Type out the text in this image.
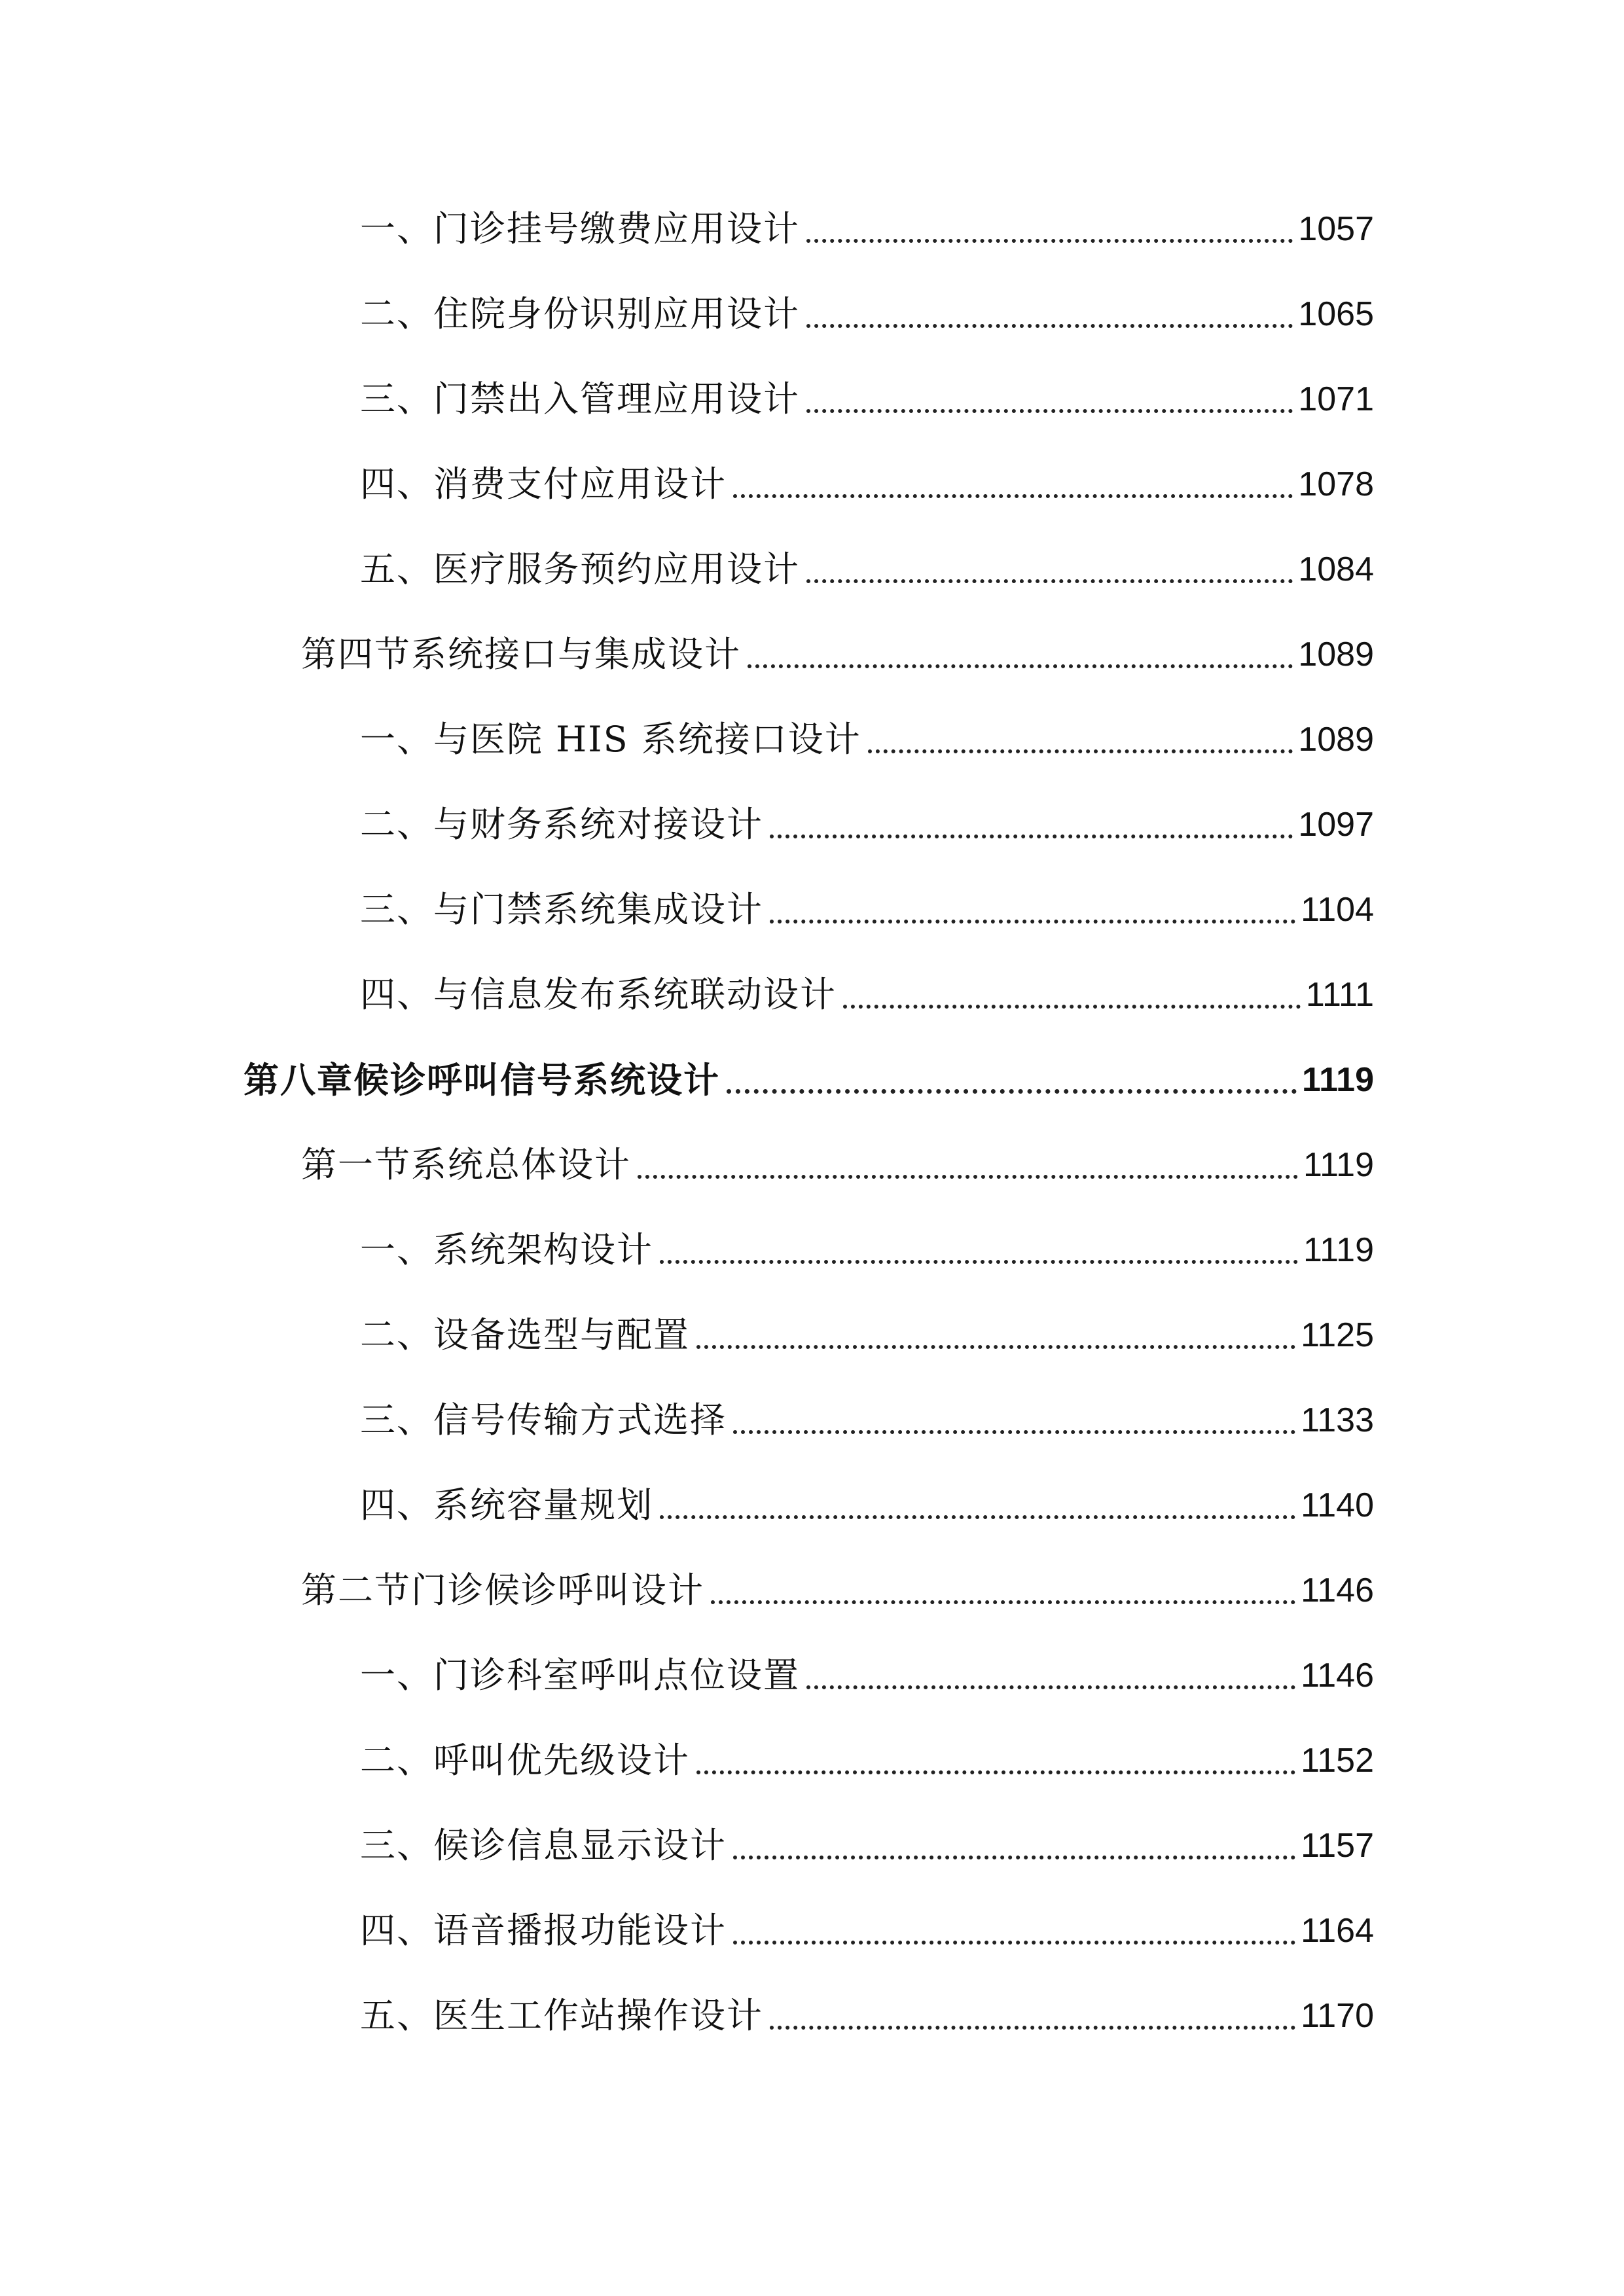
一、门诊挂号缴费应用设计	1057
二、住院身份识别应用设计	1065
三、门禁出入管理应用设计	1071
四、消费支付应用设计	1078
五、医疗服务预约应用设计	1084
第四节系统接口与集成设计	1089
一、与医院 HIS 系统接口设计	1089
二、与财务系统对接设计	1097
三、与门禁系统集成设计	1104
四、与信息发布系统联动设计	1111
第八章候诊呼叫信号系统设计	1119
第一节系统总体设计	1119
一、系统架构设计	1119
二、设备选型与配置	1125
三、信号传输方式选择	1133
四、系统容量规划	1140
第二节门诊候诊呼叫设计	1146
一、门诊科室呼叫点位设置	1146
二、呼叫优先级设计	1152
三、候诊信息显示设计	1157
四、语音播报功能设计	1164
五、医生工作站操作设计	1170
